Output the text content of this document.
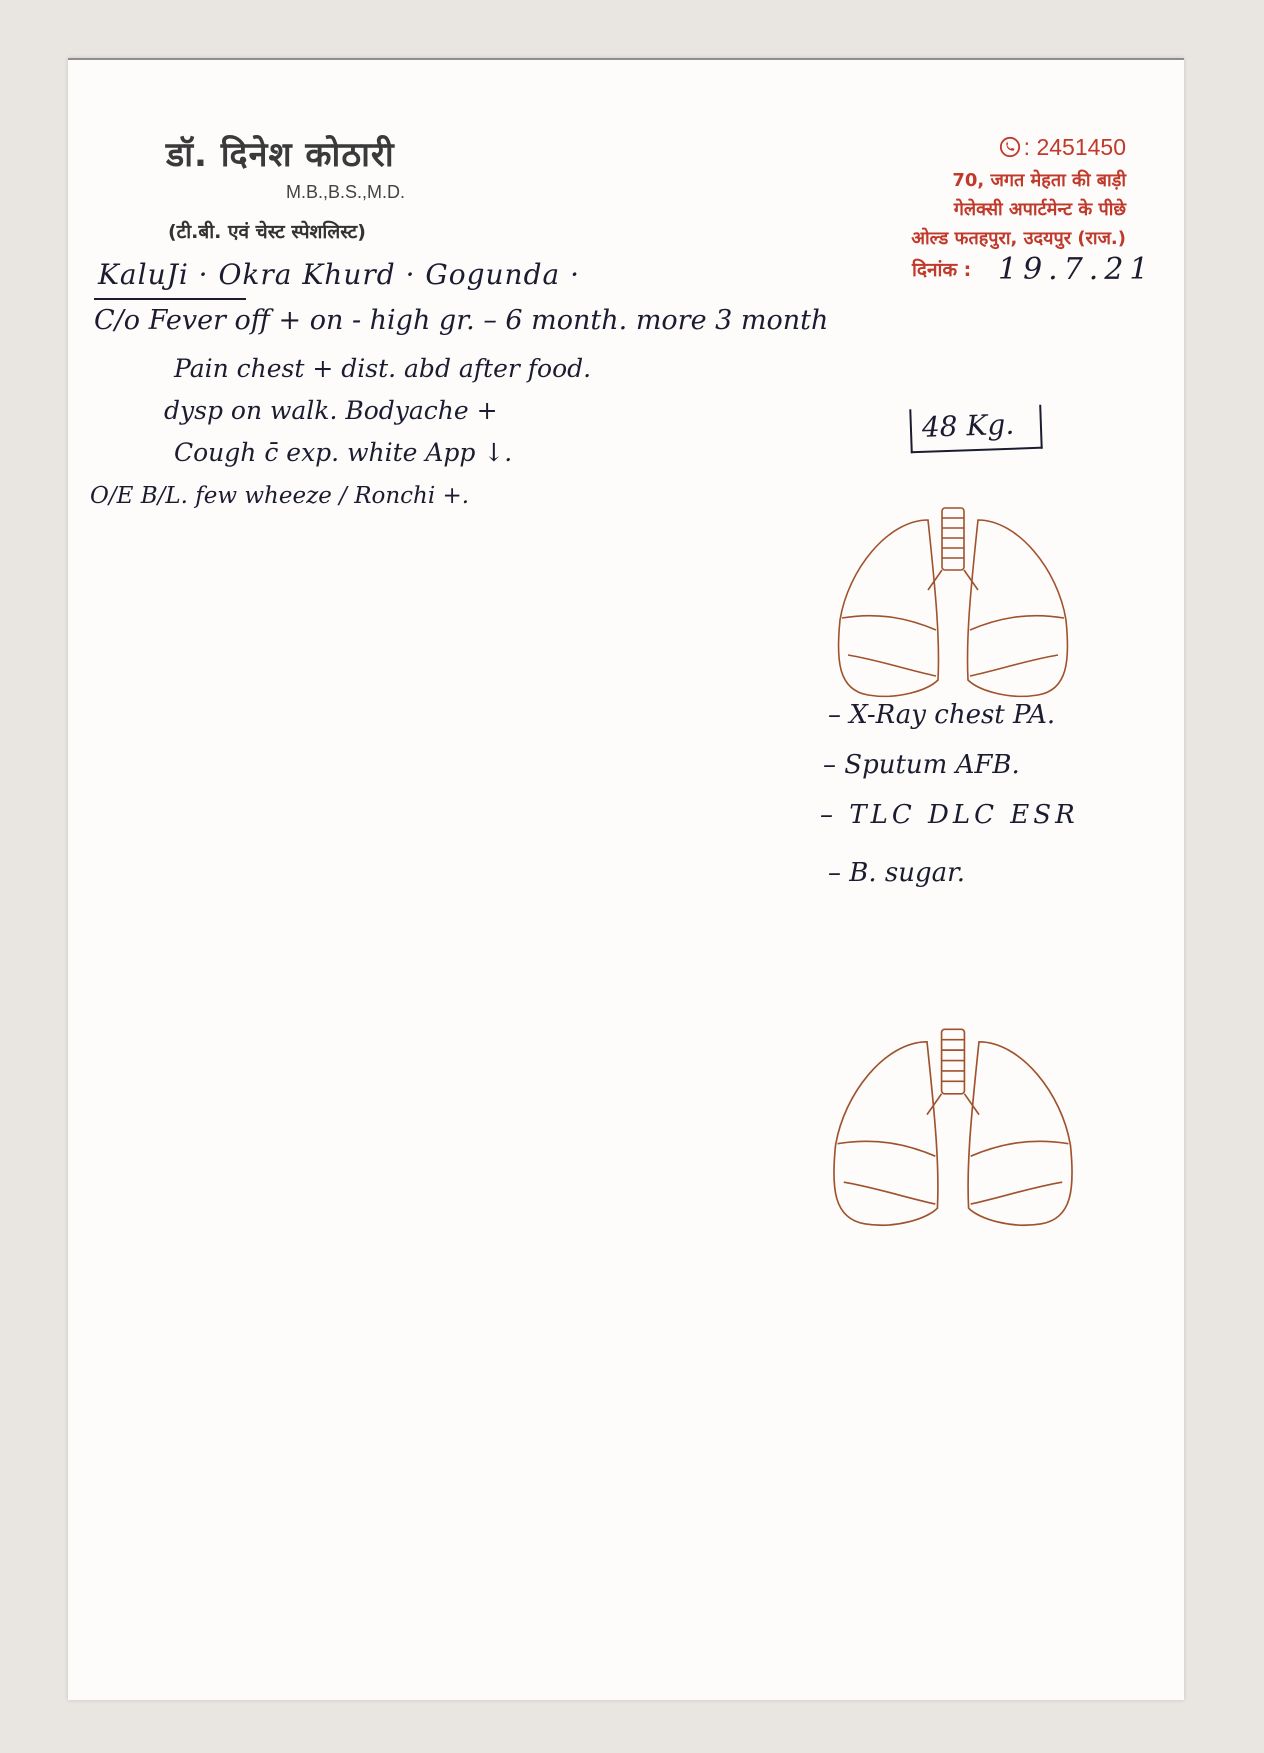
डॉ. दिनेश कोठारी
M.B.,B.S.,M.D.
(टी.बी. एवं चेस्ट स्पेशलिस्ट)
: 2451450
70, जगत मेहता की बाड़ी
गेलेक्सी अपार्टमेन्ट के पीछे
ओल्ड फतहपुरा, उदयपुर (राज.)
दिनांक : 19.7.21
KaluJi · Okra Khurd · Gogunda ·
C/o Fever off + on - high gr. – 6 month. more 3 month
Pain chest + dist. abd after food.
dysp on walk. Bodyache +
Cough c̄ exp. white App ↓.
O/E B/L. few wheeze / Ronchi +.
48 Kg.
– X-Ray chest PA.
– Sputum AFB.
– TLC DLC ESR
– B. sugar.
